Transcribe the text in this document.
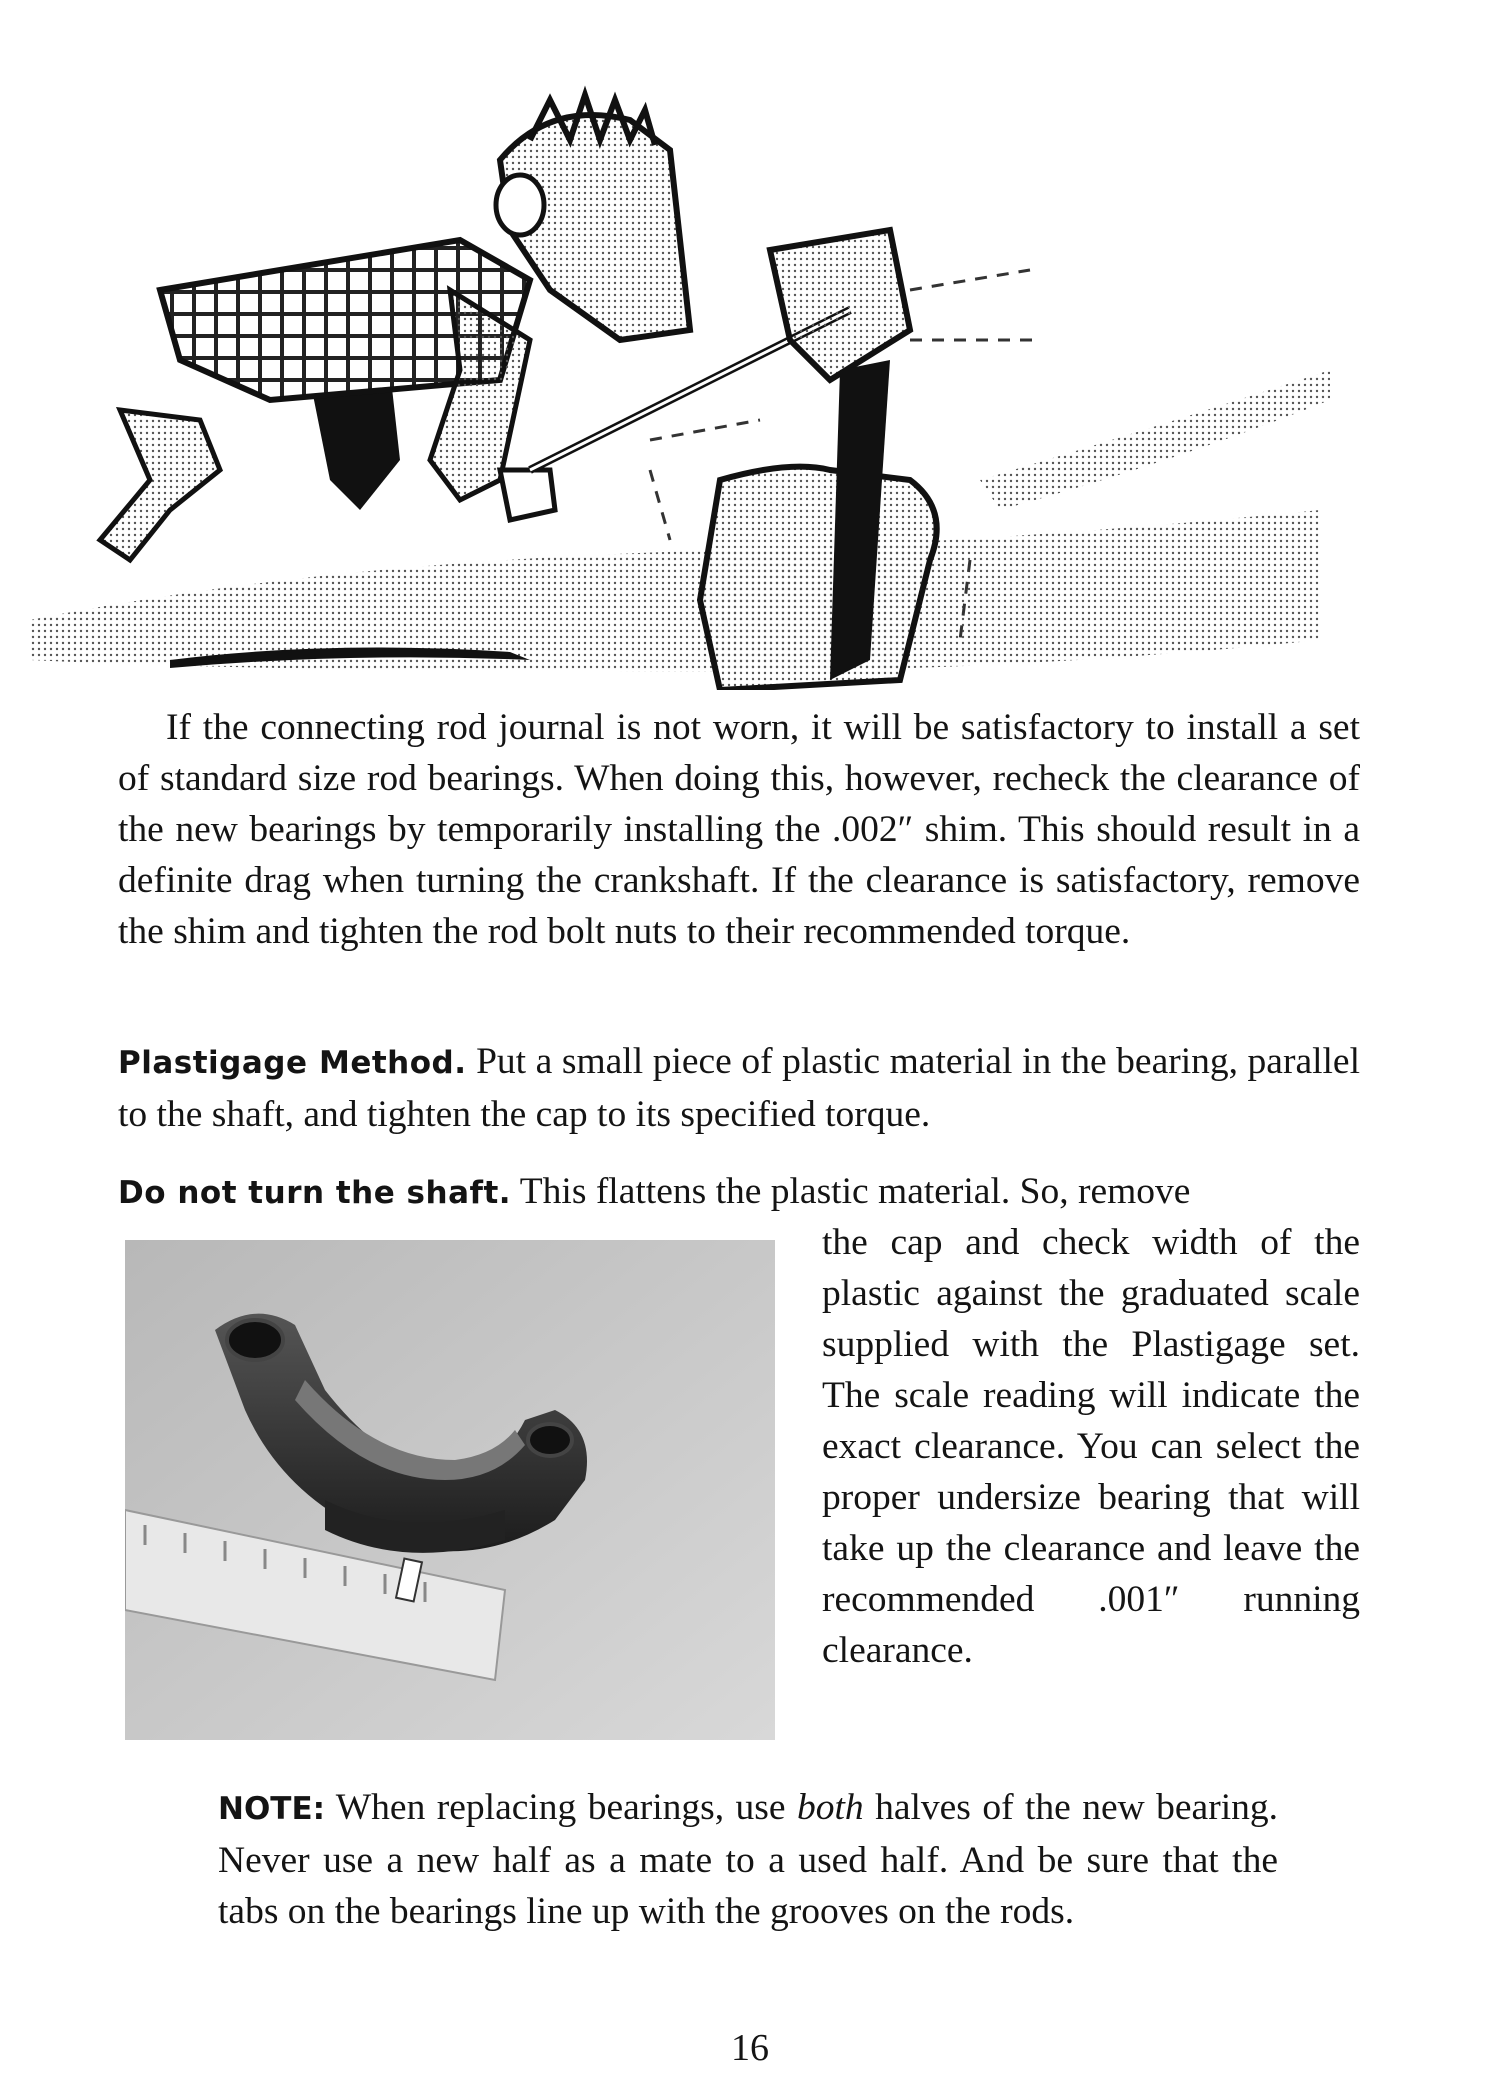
If the connecting rod journal is not worn, it will be satisfactory to install a set of standard size rod bearings. When doing this, however, recheck the clearance of the new bearings by temporarily installing the .002″ shim. This should result in a definite drag when turning the crankshaft. If the clearance is satisfactory, remove the shim and tighten the rod bolt nuts to their recommended torque.

Plastigage Method. Put a small piece of plastic material in the bearing, parallel to the shaft, and tighten the cap to its specified torque.

Do not turn the shaft. This flattens the plastic material. So, remove

the cap and check width of the plastic against the graduated scale supplied with the Plastigage set. The scale reading will indicate the exact clearance. You can select the proper undersize bearing that will take up the clearance and leave the recommended .001″ running clearance.

NOTE: When replacing bearings, use both halves of the new bearing. Never use a new half as a mate to a used half. And be sure that the tabs on the bearings line up with the grooves on the rods.

16
